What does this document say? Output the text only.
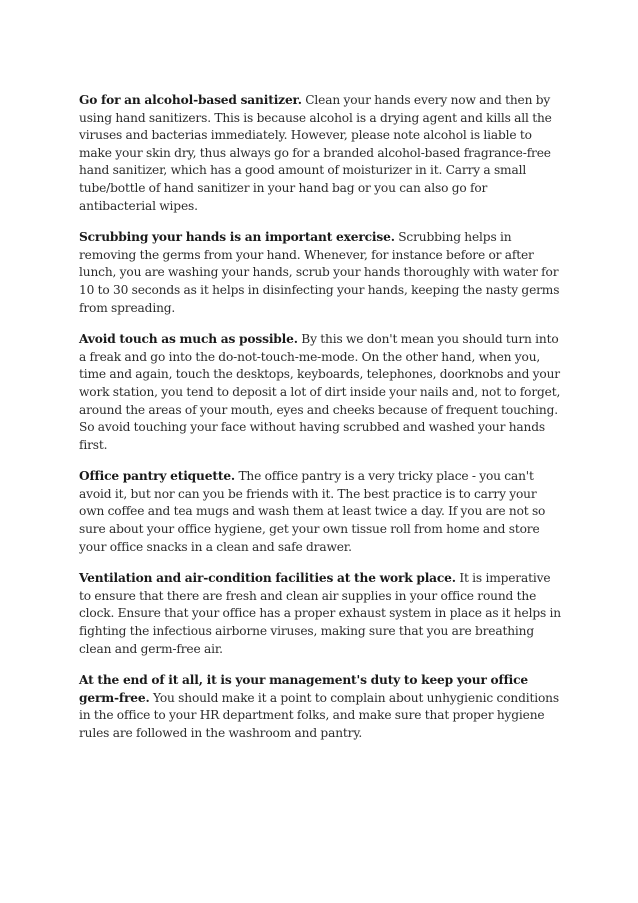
Go for an alcohol-based sanitizer. Clean your hands every now and then by using hand sanitizers. This is because alcohol is a drying agent and kills all the viruses and bacterias immediately. However, please note alcohol is liable to make your skin dry, thus always go for a branded alcohol-based fragrance-free hand sanitizer, which has a good amount of moisturizer in it. Carry a small tube/bottle of hand sanitizer in your hand bag or you can also go for antibacterial wipes.

Scrubbing your hands is an important exercise. Scrubbing helps in removing the germs from your hand. Whenever, for instance before or after lunch, you are washing your hands, scrub your hands thoroughly with water for 10 to 30 seconds as it helps in disinfecting your hands, keeping the nasty germs from spreading.

Avoid touch as much as possible. By this we don't mean you should turn into a freak and go into the do-not-touch-me-mode. On the other hand, when you, time and again, touch the desktops, keyboards, telephones, doorknobs and your work station, you tend to deposit a lot of dirt inside your nails and, not to forget, around the areas of your mouth, eyes and cheeks because of frequent touching. So avoid touching your face without having scrubbed and washed your hands first.

Office pantry etiquette. The office pantry is a very tricky place - you can't avoid it, but nor can you be friends with it. The best practice is to carry your own coffee and tea mugs and wash them at least twice a day. If you are not so sure about your office hygiene, get your own tissue roll from home and store your office snacks in a clean and safe drawer.

Ventilation and air-condition facilities at the work place. It is imperative to ensure that there are fresh and clean air supplies in your office round the clock. Ensure that your office has a proper exhaust system in place as it helps in fighting the infectious airborne viruses, making sure that you are breathing clean and germ-free air.

At the end of it all, it is your management's duty to keep your office germ-free. You should make it a point to complain about unhygienic conditions in the office to your HR department folks, and make sure that proper hygiene rules are followed in the washroom and pantry.
